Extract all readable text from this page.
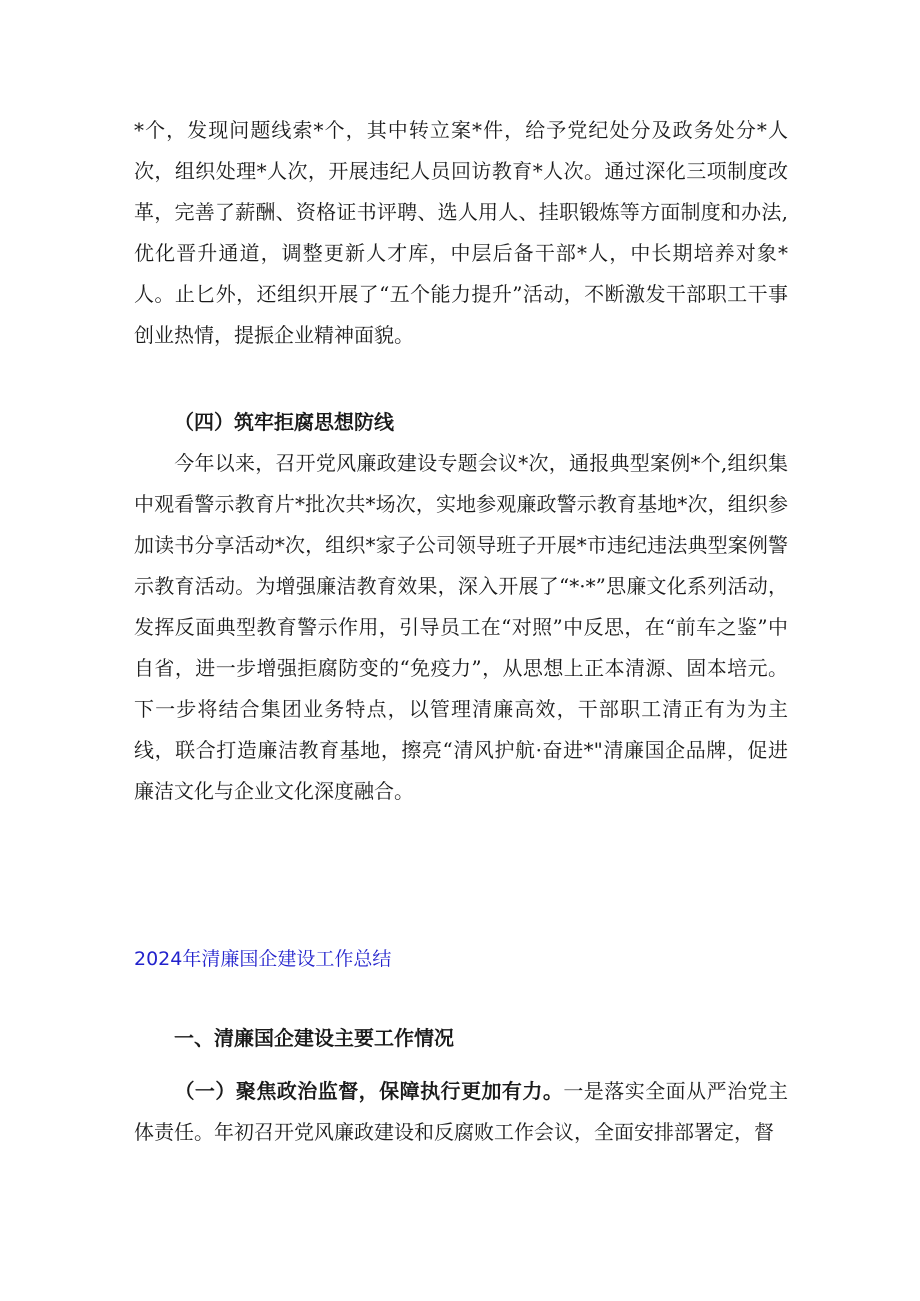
*个，发现问题线索*个，其中转立案*件，给予党纪处分及政务处分*人次，组织处理*人次，开展违纪人员回访教育*人次。通过深化三项制度改革，完善了薪酬、资格证书评聘、选人用人、挂职锻炼等方面制度和办法,优化晋升通道，调整更新人才库，中层后备干部*人，中长期培养对象*人。止匕外，还组织开展了“五个能力提升”活动，不断激发干部职工干事创业热情，提振企业精神面貌。

（四）筑牢拒腐思想防线

今年以来，召开党风廉政建设专题会议*次，通报典型案例*个,组织集中观看警示教育片*批次共*场次，实地参观廉政警示教育基地*次，组织参加读书分享活动*次，组织*家子公司领导班子开展*市违纪违法典型案例警示教育活动。为增强廉洁教育效果，深入开展了“*·*”思廉文化系列活动，发挥反面典型教育警示作用，引导员工在“对照”中反思，在“前车之鉴”中自省，进一步增强拒腐防变的“免疫力”，从思想上正本清源、固本培元。下一步将结合集团业务特点，以管理清廉高效，干部职工清正有为为主线，联合打造廉洁教育基地，擦亮“清风护航·奋进*"清廉国企品牌，促进廉洁文化与企业文化深度融合。

2024年清廉国企建设工作总结

一、清廉国企建设主要工作情况

（一）聚焦政治监督，保障执行更加有力。一是落实全面从严治党主体责任。年初召开党风廉政建设和反腐败工作会议，全面安排部署定，督
